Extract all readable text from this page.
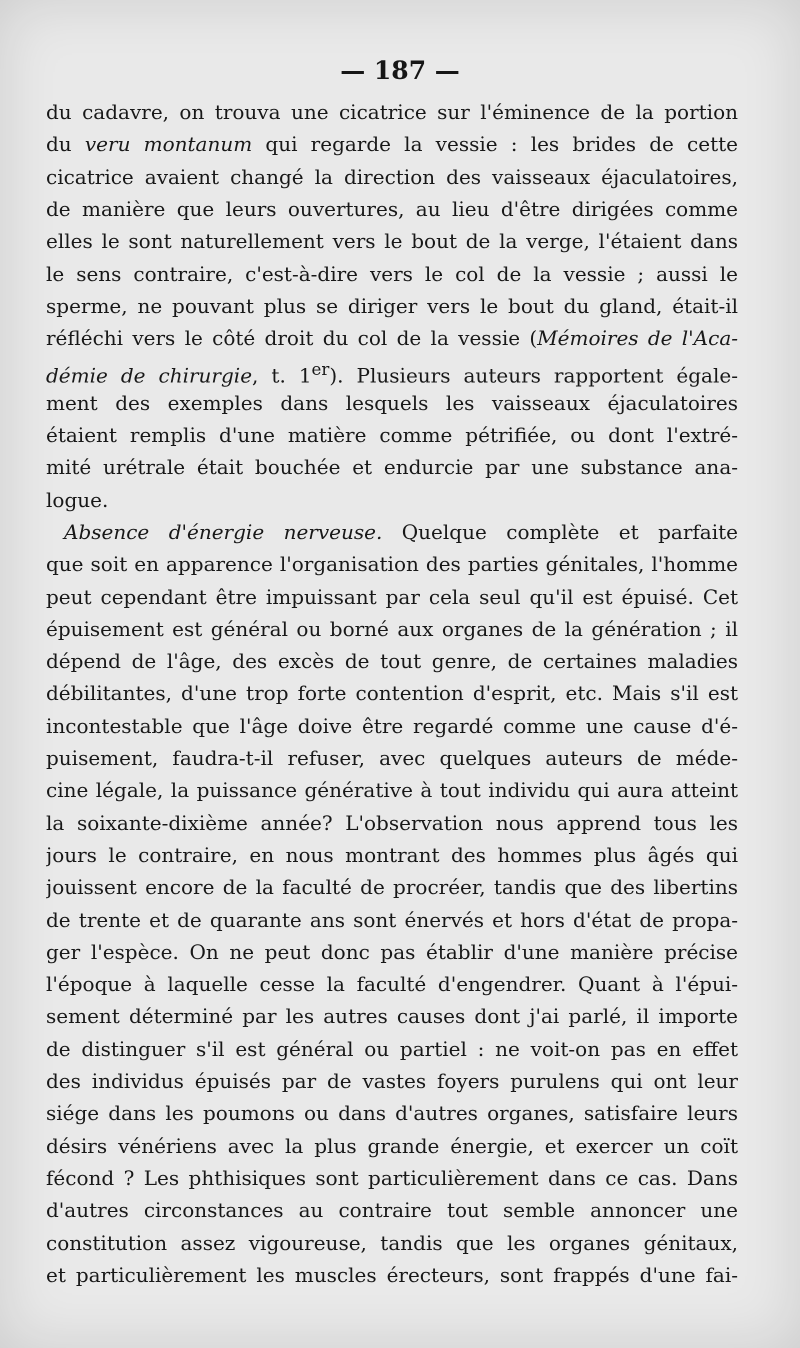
— 187 —
du cadavre, on trouva une cicatrice sur l'éminence de la portion
du veru montanum qui regarde la vessie : les brides de cette
cicatrice avaient changé la direction des vaisseaux éjaculatoires,
de manière que leurs ouvertures, au lieu d'être dirigées comme
elles le sont naturellement vers le bout de la verge, l'étaient dans
le sens contraire, c'est-à-dire vers le col de la vessie ; aussi le
sperme, ne pouvant plus se diriger vers le bout du gland, était-il
réfléchi vers le côté droit du col de la vessie (Mémoires de l'Aca-
démie de chirurgie, t. 1er). Plusieurs auteurs rapportent égale-
ment des exemples dans lesquels les vaisseaux éjaculatoires
étaient remplis d'une matière comme pétrifiée, ou dont l'extré-
mité urétrale était bouchée et endurcie par une substance ana-
logue.
Absence d'énergie nerveuse. Quelque complète et parfaite
que soit en apparence l'organisation des parties génitales, l'homme
peut cependant être impuissant par cela seul qu'il est épuisé. Cet
épuisement est général ou borné aux organes de la génération ; il
dépend de l'âge, des excès de tout genre, de certaines maladies
débilitantes, d'une trop forte contention d'esprit, etc. Mais s'il est
incontestable que l'âge doive être regardé comme une cause d'é-
puisement, faudra-t-il refuser, avec quelques auteurs de méde-
cine légale, la puissance générative à tout individu qui aura atteint
la soixante-dixième année? L'observation nous apprend tous les
jours le contraire, en nous montrant des hommes plus âgés qui
jouissent encore de la faculté de procréer, tandis que des libertins
de trente et de quarante ans sont énervés et hors d'état de propa-
ger l'espèce. On ne peut donc pas établir d'une manière précise
l'époque à laquelle cesse la faculté d'engendrer. Quant à l'épui-
sement déterminé par les autres causes dont j'ai parlé, il importe
de distinguer s'il est général ou partiel : ne voit-on pas en effet
des individus épuisés par de vastes foyers purulens qui ont leur
siége dans les poumons ou dans d'autres organes, satisfaire leurs
désirs vénériens avec la plus grande énergie, et exercer un coït
fécond ? Les phthisiques sont particulièrement dans ce cas. Dans
d'autres circonstances au contraire tout semble annoncer une
constitution assez vigoureuse, tandis que les organes génitaux,
et particulièrement les muscles érecteurs, sont frappés d'une fai-
